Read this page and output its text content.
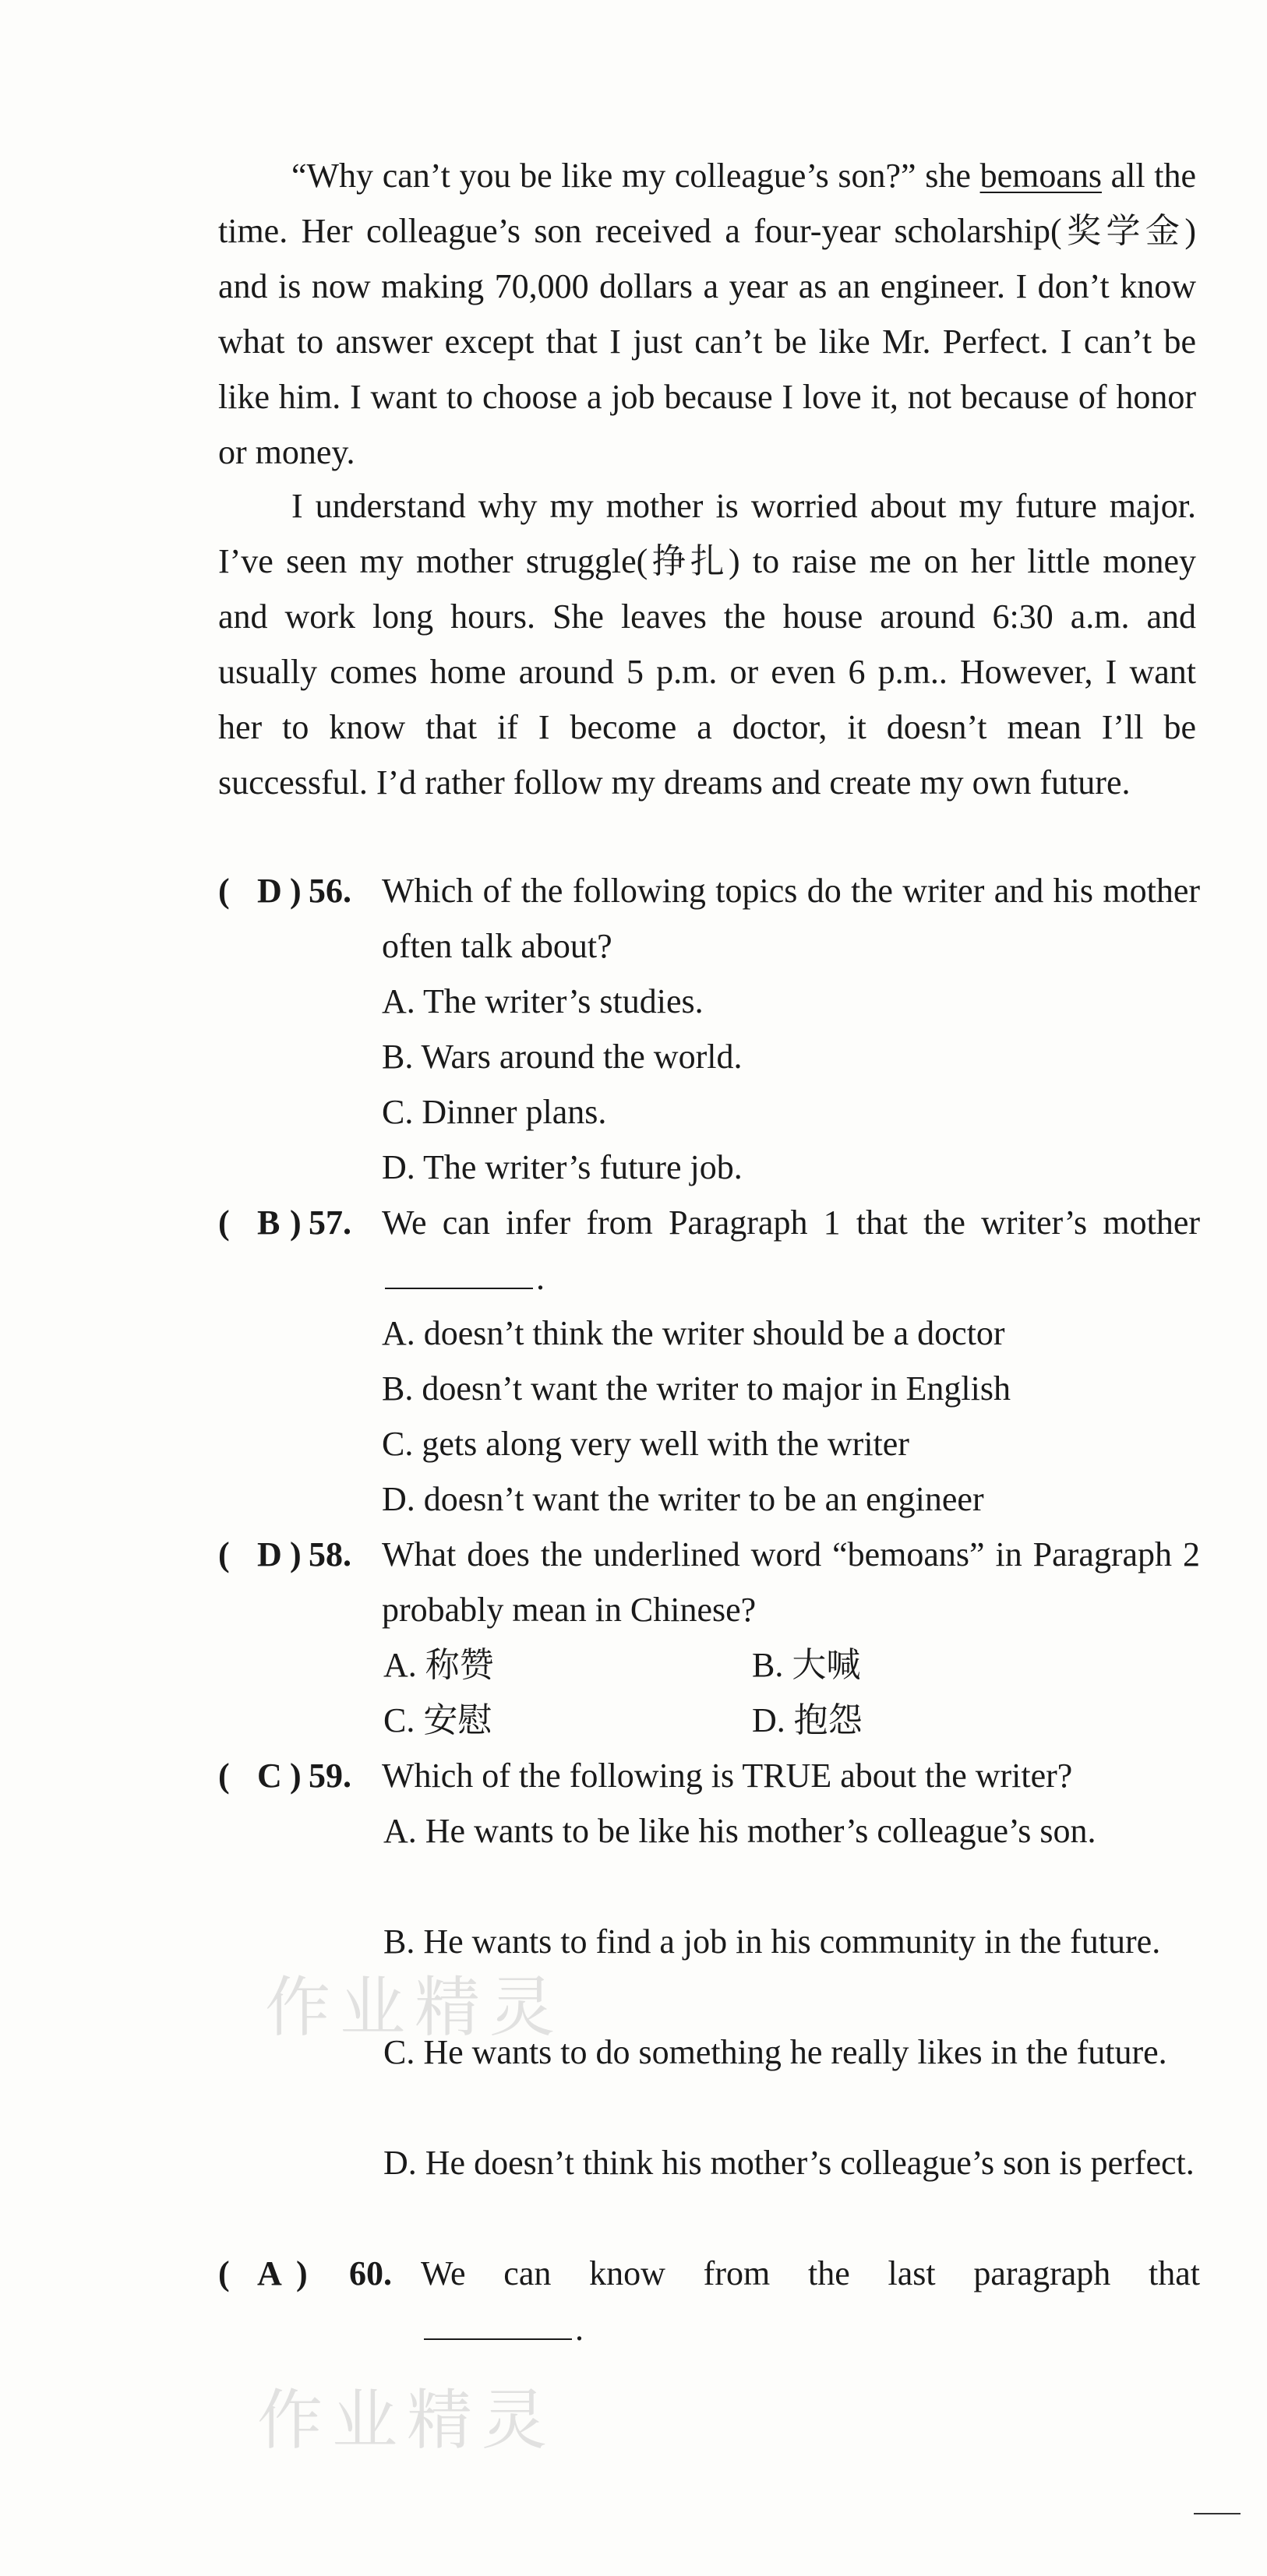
“Why can’t you be like my colleague’s son?” she bemoans all the time. Her colleague’s son received a four-year scholarship(奖学金) and is now making 70,000 dollars a year as an engineer. I don’t know what to answer except that I just can’t be like Mr. Perfect. I can’t be like him. I want to choose a job because I love it, not because of honor or money.
I understand why my mother is worried about my future major. I’ve seen my mother struggle(挣扎) to raise me on her little money and work long hours. She leaves the house around 6:30 a.m. and usually comes home around 5 p.m. or even 6 p.m.. However, I want her to know that if I become a doctor, it doesn’t mean I’ll be successful. I’d rather follow my dreams and create my own future.
( D ) 56. Which of the following topics do the writer and his mother often talk about?
A. The writer’s studies.
B. Wars around the world.
C. Dinner plans.
D. The writer’s future job.
( B ) 57. We can infer from Paragraph 1 that the writer’s mother .
A. doesn’t think the writer should be a doctor
B. doesn’t want the writer to major in English
C. gets along very well with the writer
D. doesn’t want the writer to be an engineer
( D ) 58. What does the underlined word “bemoans” in Paragraph 2 probably mean in Chinese?
A. 称赞	B. 大喊
C. 安慰	D. 抱怨
( C ) 59. Which of the following is TRUE about the writer?
A. He wants to be like his mother’s colleague’s son.
B. He wants to find a job in his community in the future.
C. He wants to do something he really likes in the future.
D. He doesn’t think his mother’s colleague’s son is perfect.
( A ) 60. We can know from the last paragraph that
.
作业精灵
作业精灵
